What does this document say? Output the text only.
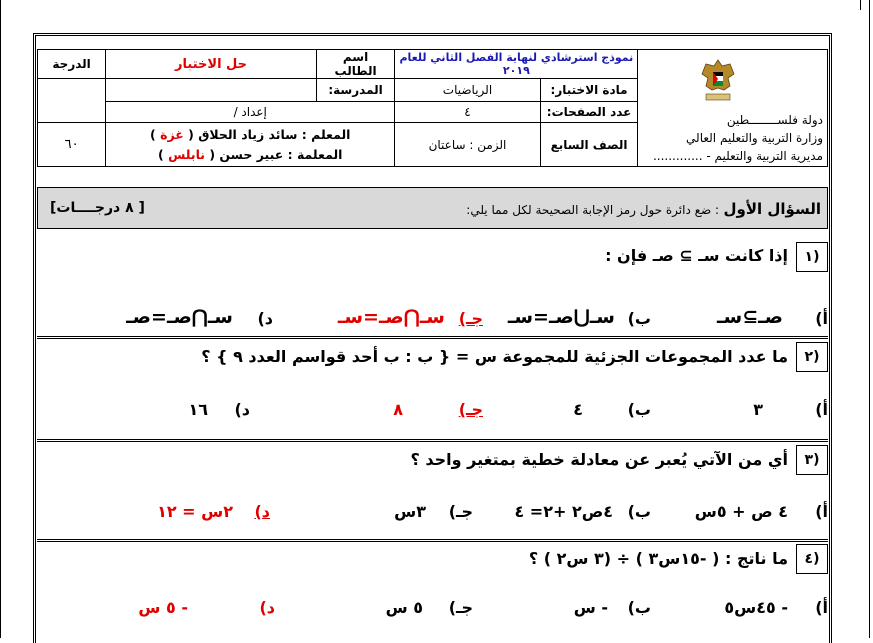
دولة فلســــــــطين
وزارة التربية والتعليم العالي
مديرية التربية والتعليم - .............	نموذج استرشادي لنهاية الفصل الثاني للعام ٢٠١٩		اسم الطالب	حل الاختبار	الدرجة
	مادة الاختبار:	الرياضيات	المدرسة:		
	عدد الصفحات:	٤	إعداد /		
	الصف السابع	الزمن : ساعتان	المعلم : سائد زياد الحلاق ( غزة )
المعلمة : عبير حسن ( نابلس )		٦٠
السؤال الأول : ضع دائرة حول رمز الإجابة الصحيحة لكل مما يلي:
[ ٨ درجــــات]
١)
إذا كانت سـ ⊇ صـ فإن :
أ)
صـ⊇سـ
ب)
سـ⋃صـ=سـ
جـ)
سـ⋂صـ=سـ
د)
سـ⋂صـ=صـ
٢)
ما عدد المجموعات الجزئية للمجموعة س = { ب : ب أحد قواسم العدد ٩ } ؟
أ)
٣
ب)
٤
جـ)
٨
د)
١٦
٣)
أي من الآتي يُعبر عن معادلة خطية بمتغير واحد ؟
أ)
٤ ص + ٥س
ب)
٤ص٢ +٢= ٤
جـ)
٣س
د)
٢س = ١٢
٤)
ما ناتج : ( -١٥س٣ ) ÷ (٣ س٢ ) ؟
أ)
- ٤٥س٥
ب)
- س
جـ)
٥ س
د)
- ٥ س
